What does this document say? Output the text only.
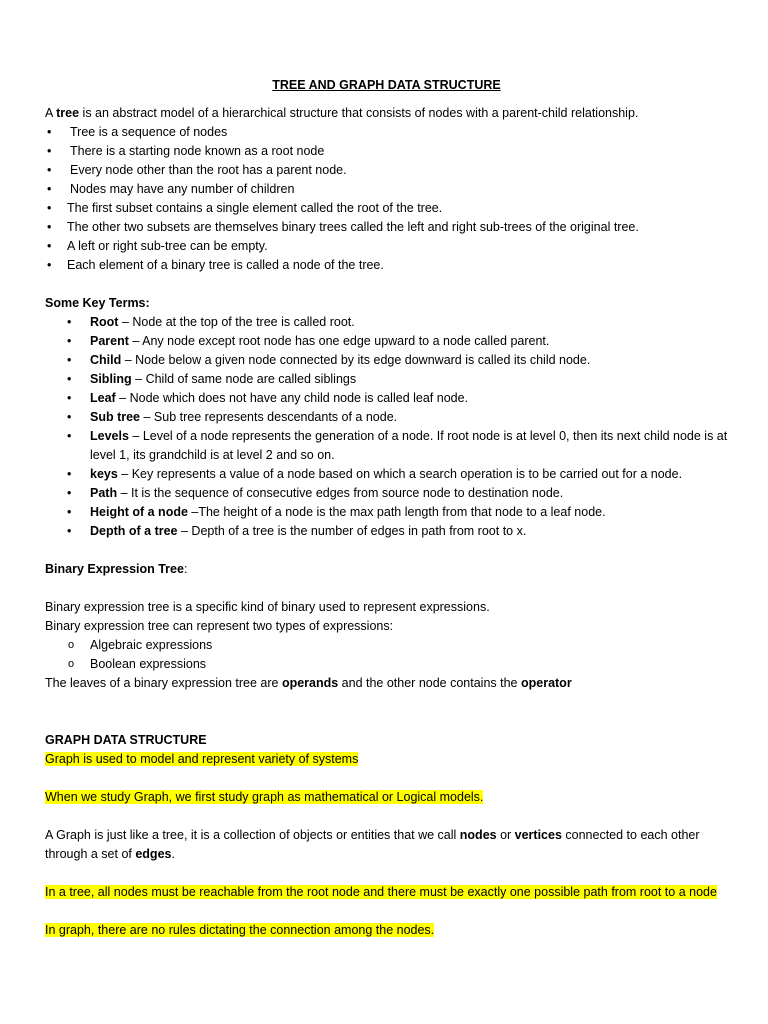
TREE AND GRAPH DATA STRUCTURE

A tree is an abstract model of a hierarchical structure that consists of nodes with a parent-child relationship.

• Tree is a sequence of nodes
• There is a starting node known as a root node
• Every node other than the root has a parent node.
• Nodes may have any number of children
• The first subset contains a single element called the root of the tree.
• The other two subsets are themselves binary trees called the left and right sub-trees of the original tree.
• A left or right sub-tree can be empty.
• Each element of a binary tree is called a node of the tree.

Some Key Terms:

• Root – Node at the top of the tree is called root.
• Parent – Any node except root node has one edge upward to a node called parent.
• Child – Node below a given node connected by its edge downward is called its child node.
• Sibling – Child of same node are called siblings
• Leaf – Node which does not have any child node is called leaf node.
• Sub tree – Sub tree represents descendants of a node.
• Levels – Level of a node represents the generation of a node. If root node is at level 0, then its next child node is at level 1, its grandchild is at level 2 and so on.
• keys – Key represents a value of a node based on which a search operation is to be carried out for a node.
• Path – It is the sequence of consecutive edges from source node to destination node.
• Height of a node –The height of a node is the max path length from that node to a leaf node.
• Depth of a tree – Depth of a tree is the number of edges in path from root to x.

Binary Expression Tree:

Binary expression tree is a specific kind of binary used to represent expressions.

Binary expression tree can represent two types of expressions:

o Algebraic expressions
o Boolean expressions

The leaves of a binary expression tree are operands and the other node contains the operator

GRAPH DATA STRUCTURE

Graph is used to model and represent variety of systems

When we study Graph, we first study graph as mathematical or Logical models.

A Graph is just like a tree, it is a collection of objects or entities that we call nodes or vertices connected to each other through a set of edges.

In a tree, all nodes must be reachable from the root node and there must be exactly one possible path from root to a node

In graph, there are no rules dictating the connection among the nodes.
